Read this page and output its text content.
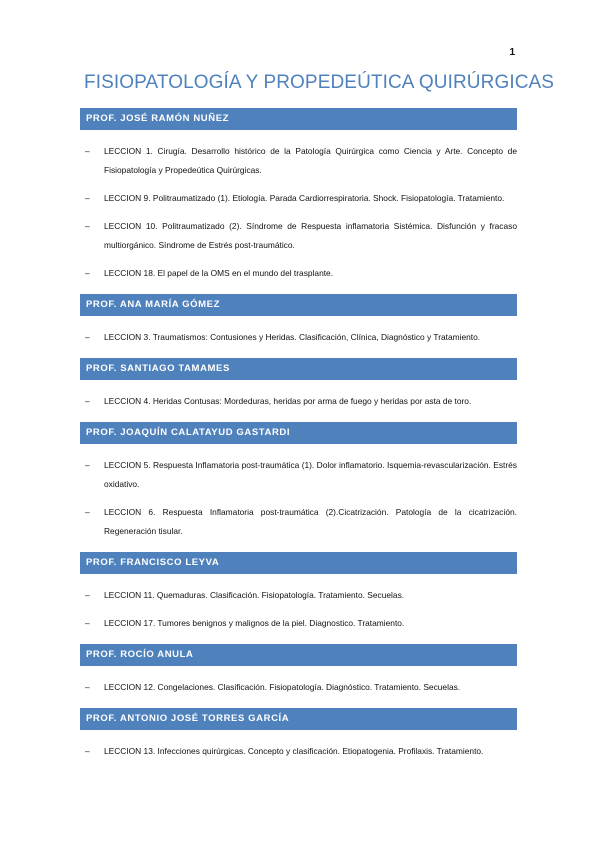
1
FISIOPATOLOGÍA Y PROPEDEÚTICA QUIRÚRGICAS
PROF. JOSÉ RAMÓN NUÑEZ
– LECCION 1. Cirugía. Desarrollo histórico de la Patología Quirúrgica como Ciencia y Arte. Concepto de Fisiopatología y Propedeútica Quirúrgicas.
– LECCION 9. Politraumatizado (1). Etiología. Parada Cardiorrespiratoria. Shock. Fisiopatología. Tratamiento.
– LECCION 10. Politraumatizado (2). Síndrome de Respuesta inflamatoria Sistémica. Disfunción y fracaso multiorgánico. Síndrome de Estrés post-traumático.
– LECCION 18. El papel de la OMS en el mundo del trasplante.
PROF. ANA MARÍA GÓMEZ
– LECCION 3. Traumatismos: Contusiones y Heridas. Clasificación, Clínica, Diagnóstico y Tratamiento.
PROF. SANTIAGO TAMAMES
– LECCION 4. Heridas Contusas: Mordeduras, heridas por arma de fuego y heridas por asta de toro.
PROF. JOAQUÍN CALATAYUD GASTARDI
– LECCION 5. Respuesta Inflamatoria post-traumática (1). Dolor inflamatorio. Isquemia-revascularización. Estrés oxidativo.
– LECCION 6. Respuesta Inflamatoria post-traumática (2).Cicatrización. Patología de la cicatrización. Regeneración tisular.
PROF. FRANCISCO LEYVA
– LECCION 11. Quemaduras. Clasificación. Fisiopatología. Tratamiento. Secuelas.
– LECCION 17. Tumores benignos y malignos de la piel. Diagnostico. Tratamiento.
PROF. ROCÍO ANULA
– LECCION 12. Congelaciones. Clasificación. Fisiopatología. Diagnóstico. Tratamiento. Secuelas.
PROF. ANTONIO JOSÉ TORRES GARCÍA
– LECCION 13. Infecciones quirúrgicas. Concepto y clasificación. Etiopatogenia. Profilaxis. Tratamiento.
